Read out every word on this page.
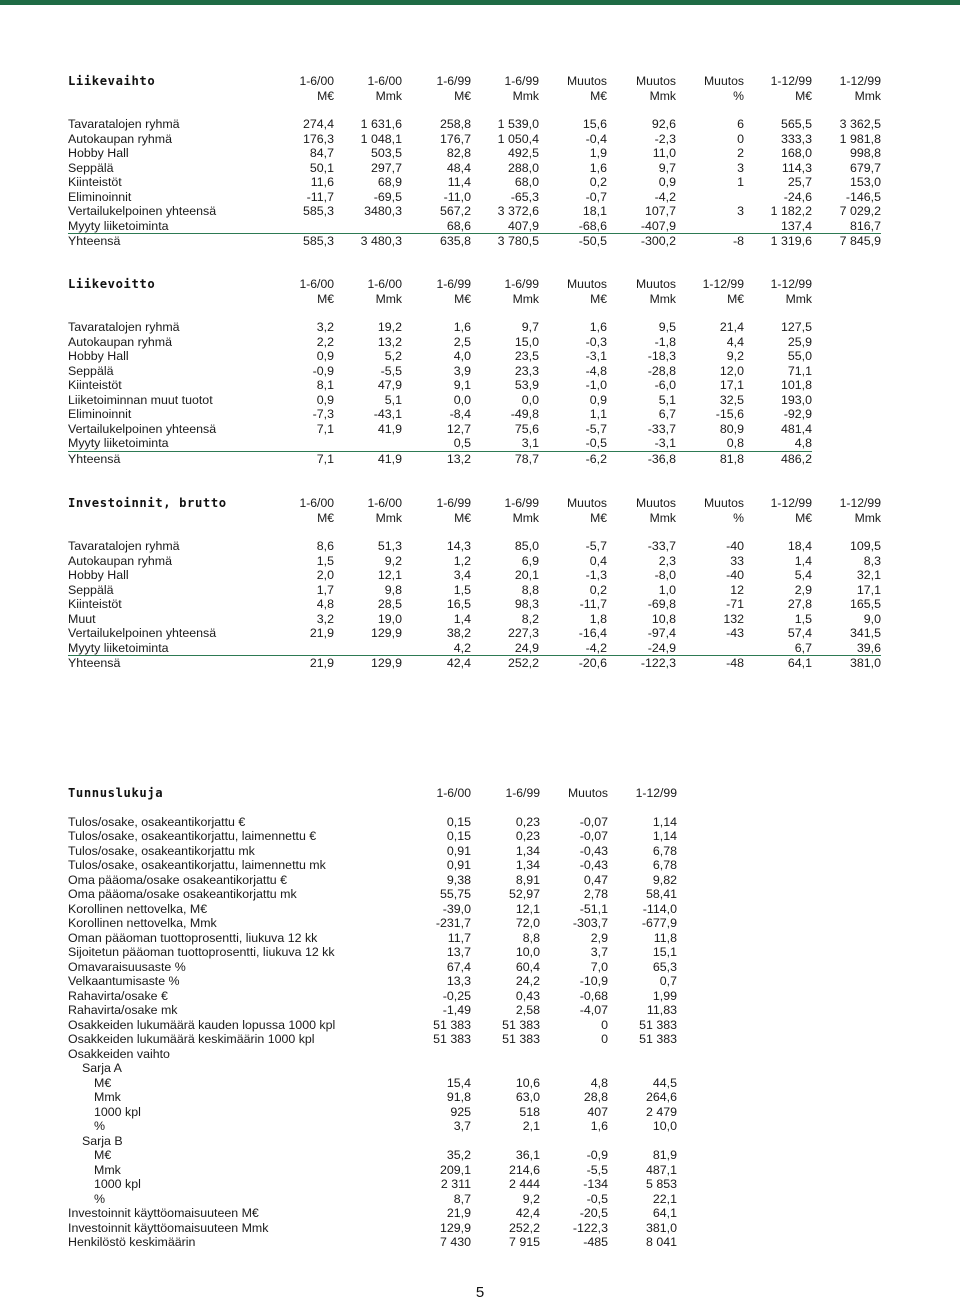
Liikevaihto	1-6/00	1-6/00	1-6/99	1-6/99	Muutos	Muutos	Muutos	1-12/99	1-12/99
	M€	Mmk	M€	Mmk	M€	Mmk	%	M€	Mmk

Tavaratalojen ryhmä	274,4	1 631,6	258,8	1 539,0	15,6	92,6	6	565,5	3 362,5
Autokaupan ryhmä	176,3	1 048,1	176,7	1 050,4	-0,4	-2,3	0	333,3	1 981,8
Hobby Hall	84,7	503,5	82,8	492,5	1,9	11,0	2	168,0	998,8
Seppälä	50,1	297,7	48,4	288,0	1,6	9,7	3	114,3	679,7
Kiinteistöt	11,6	68,9	11,4	68,0	0,2	0,9	1	25,7	153,0
Eliminoinnit	-11,7	-69,5	-11,0	-65,3	-0,7	-4,2		-24,6	-146,5
Vertailukelpoinen yhteensä	585,3	3480,3	567,2	3 372,6	18,1	107,7	3	1 182,2	7 029,2
Myyty liiketoiminta			68,6	407,9	-68,6	-407,9		137,4	816,7
Yhteensä	585,3	3 480,3	635,8	3 780,5	-50,5	-300,2	-8	1 319,6	7 845,9
Liikevoitto	1-6/00	1-6/00	1-6/99	1-6/99	Muutos	Muutos	1-12/99	1-12/99
	M€	Mmk	M€	Mmk	M€	Mmk	M€	Mmk

Tavaratalojen ryhmä	3,2	19,2	1,6	9,7	1,6	9,5	21,4	127,5
Autokaupan ryhmä	2,2	13,2	2,5	15,0	-0,3	-1,8	4,4	25,9
Hobby Hall	0,9	5,2	4,0	23,5	-3,1	-18,3	9,2	55,0
Seppälä	-0,9	-5,5	3,9	23,3	-4,8	-28,8	12,0	71,1
Kiinteistöt	8,1	47,9	9,1	53,9	-1,0	-6,0	17,1	101,8
Liiketoiminnan muut tuotot	0,9	5,1	0,0	0,0	0,9	5,1	32,5	193,0
Eliminoinnit	-7,3	-43,1	-8,4	-49,8	1,1	6,7	-15,6	-92,9
Vertailukelpoinen yhteensä	7,1	41,9	12,7	75,6	-5,7	-33,7	80,9	481,4
Myyty liiketoiminta			0,5	3,1	-0,5	-3,1	0,8	4,8
Yhteensä	7,1	41,9	13,2	78,7	-6,2	-36,8	81,8	486,2
Investoinnit, brutto	1-6/00	1-6/00	1-6/99	1-6/99	Muutos	Muutos	Muutos	1-12/99	1-12/99
	M€	Mmk	M€	Mmk	M€	Mmk	%	M€	Mmk

Tavaratalojen ryhmä	8,6	51,3	14,3	85,0	-5,7	-33,7	-40	18,4	109,5
Autokaupan ryhmä	1,5	9,2	1,2	6,9	0,4	2,3	33	1,4	8,3
Hobby Hall	2,0	12,1	3,4	20,1	-1,3	-8,0	-40	5,4	32,1
Seppälä	1,7	9,8	1,5	8,8	0,2	1,0	12	2,9	17,1
Kiinteistöt	4,8	28,5	16,5	98,3	-11,7	-69,8	-71	27,8	165,5
Muut	3,2	19,0	1,4	8,2	1,8	10,8	132	1,5	9,0
Vertailukelpoinen yhteensä	21,9	129,9	38,2	227,3	-16,4	-97,4	-43	57,4	341,5
Myyty liiketoiminta			4,2	24,9	-4,2	-24,9		6,7	39,6
Yhteensä	21,9	129,9	42,4	252,2	-20,6	-122,3	-48	64,1	381,0
Tunnuslukuja	1-6/00	1-6/99	Muutos	1-12/99

Tulos/osake, osakeantikorjattu €	0,15	0,23	-0,07	1,14
Tulos/osake, osakeantikorjattu, laimennettu €	0,15	0,23	-0,07	1,14
Tulos/osake, osakeantikorjattu mk	0,91	1,34	-0,43	6,78
Tulos/osake, osakeantikorjattu, laimennettu mk	0,91	1,34	-0,43	6,78
Oma pääoma/osake osakeantikorjattu €	9,38	8,91	0,47	9,82
Oma pääoma/osake osakeantikorjattu mk	55,75	52,97	2,78	58,41
Korollinen nettovelka, M€	-39,0	12,1	-51,1	-114,0
Korollinen nettovelka, Mmk	-231,7	72,0	-303,7	-677,9
Oman pääoman tuottoprosentti, liukuva 12 kk	11,7	8,8	2,9	11,8
Sijoitetun pääoman tuottoprosentti, liukuva 12 kk	13,7	10,0	3,7	15,1
Omavaraisuusaste %	67,4	60,4	7,0	65,3
Velkaantumisaste %	13,3	24,2	-10,9	0,7
Rahavirta/osake €	-0,25	0,43	-0,68	1,99
Rahavirta/osake mk	-1,49	2,58	-4,07	11,83
Osakkeiden lukumäärä kauden lopussa 1000 kpl	51 383	51 383	0	51 383
Osakkeiden lukumäärä keskimäärin 1000 kpl	51 383	51 383	0	51 383
Osakkeiden vaihto				
Sarja A				
M€	15,4	10,6	4,8	44,5
Mmk	91,8	63,0	28,8	264,6
1000 kpl	925	518	407	2 479
%	3,7	2,1	1,6	10,0
Sarja B				
M€	35,2	36,1	-0,9	81,9
Mmk	209,1	214,6	-5,5	487,1
1000 kpl	2 311	2 444	-134	5 853
%	8,7	9,2	-0,5	22,1
Investoinnit käyttöomaisuuteen M€	21,9	42,4	-20,5	64,1
Investoinnit käyttöomaisuuteen Mmk	129,9	252,2	-122,3	381,0
Henkilöstö keskimäärin	7 430	7 915	-485	8 041
5
